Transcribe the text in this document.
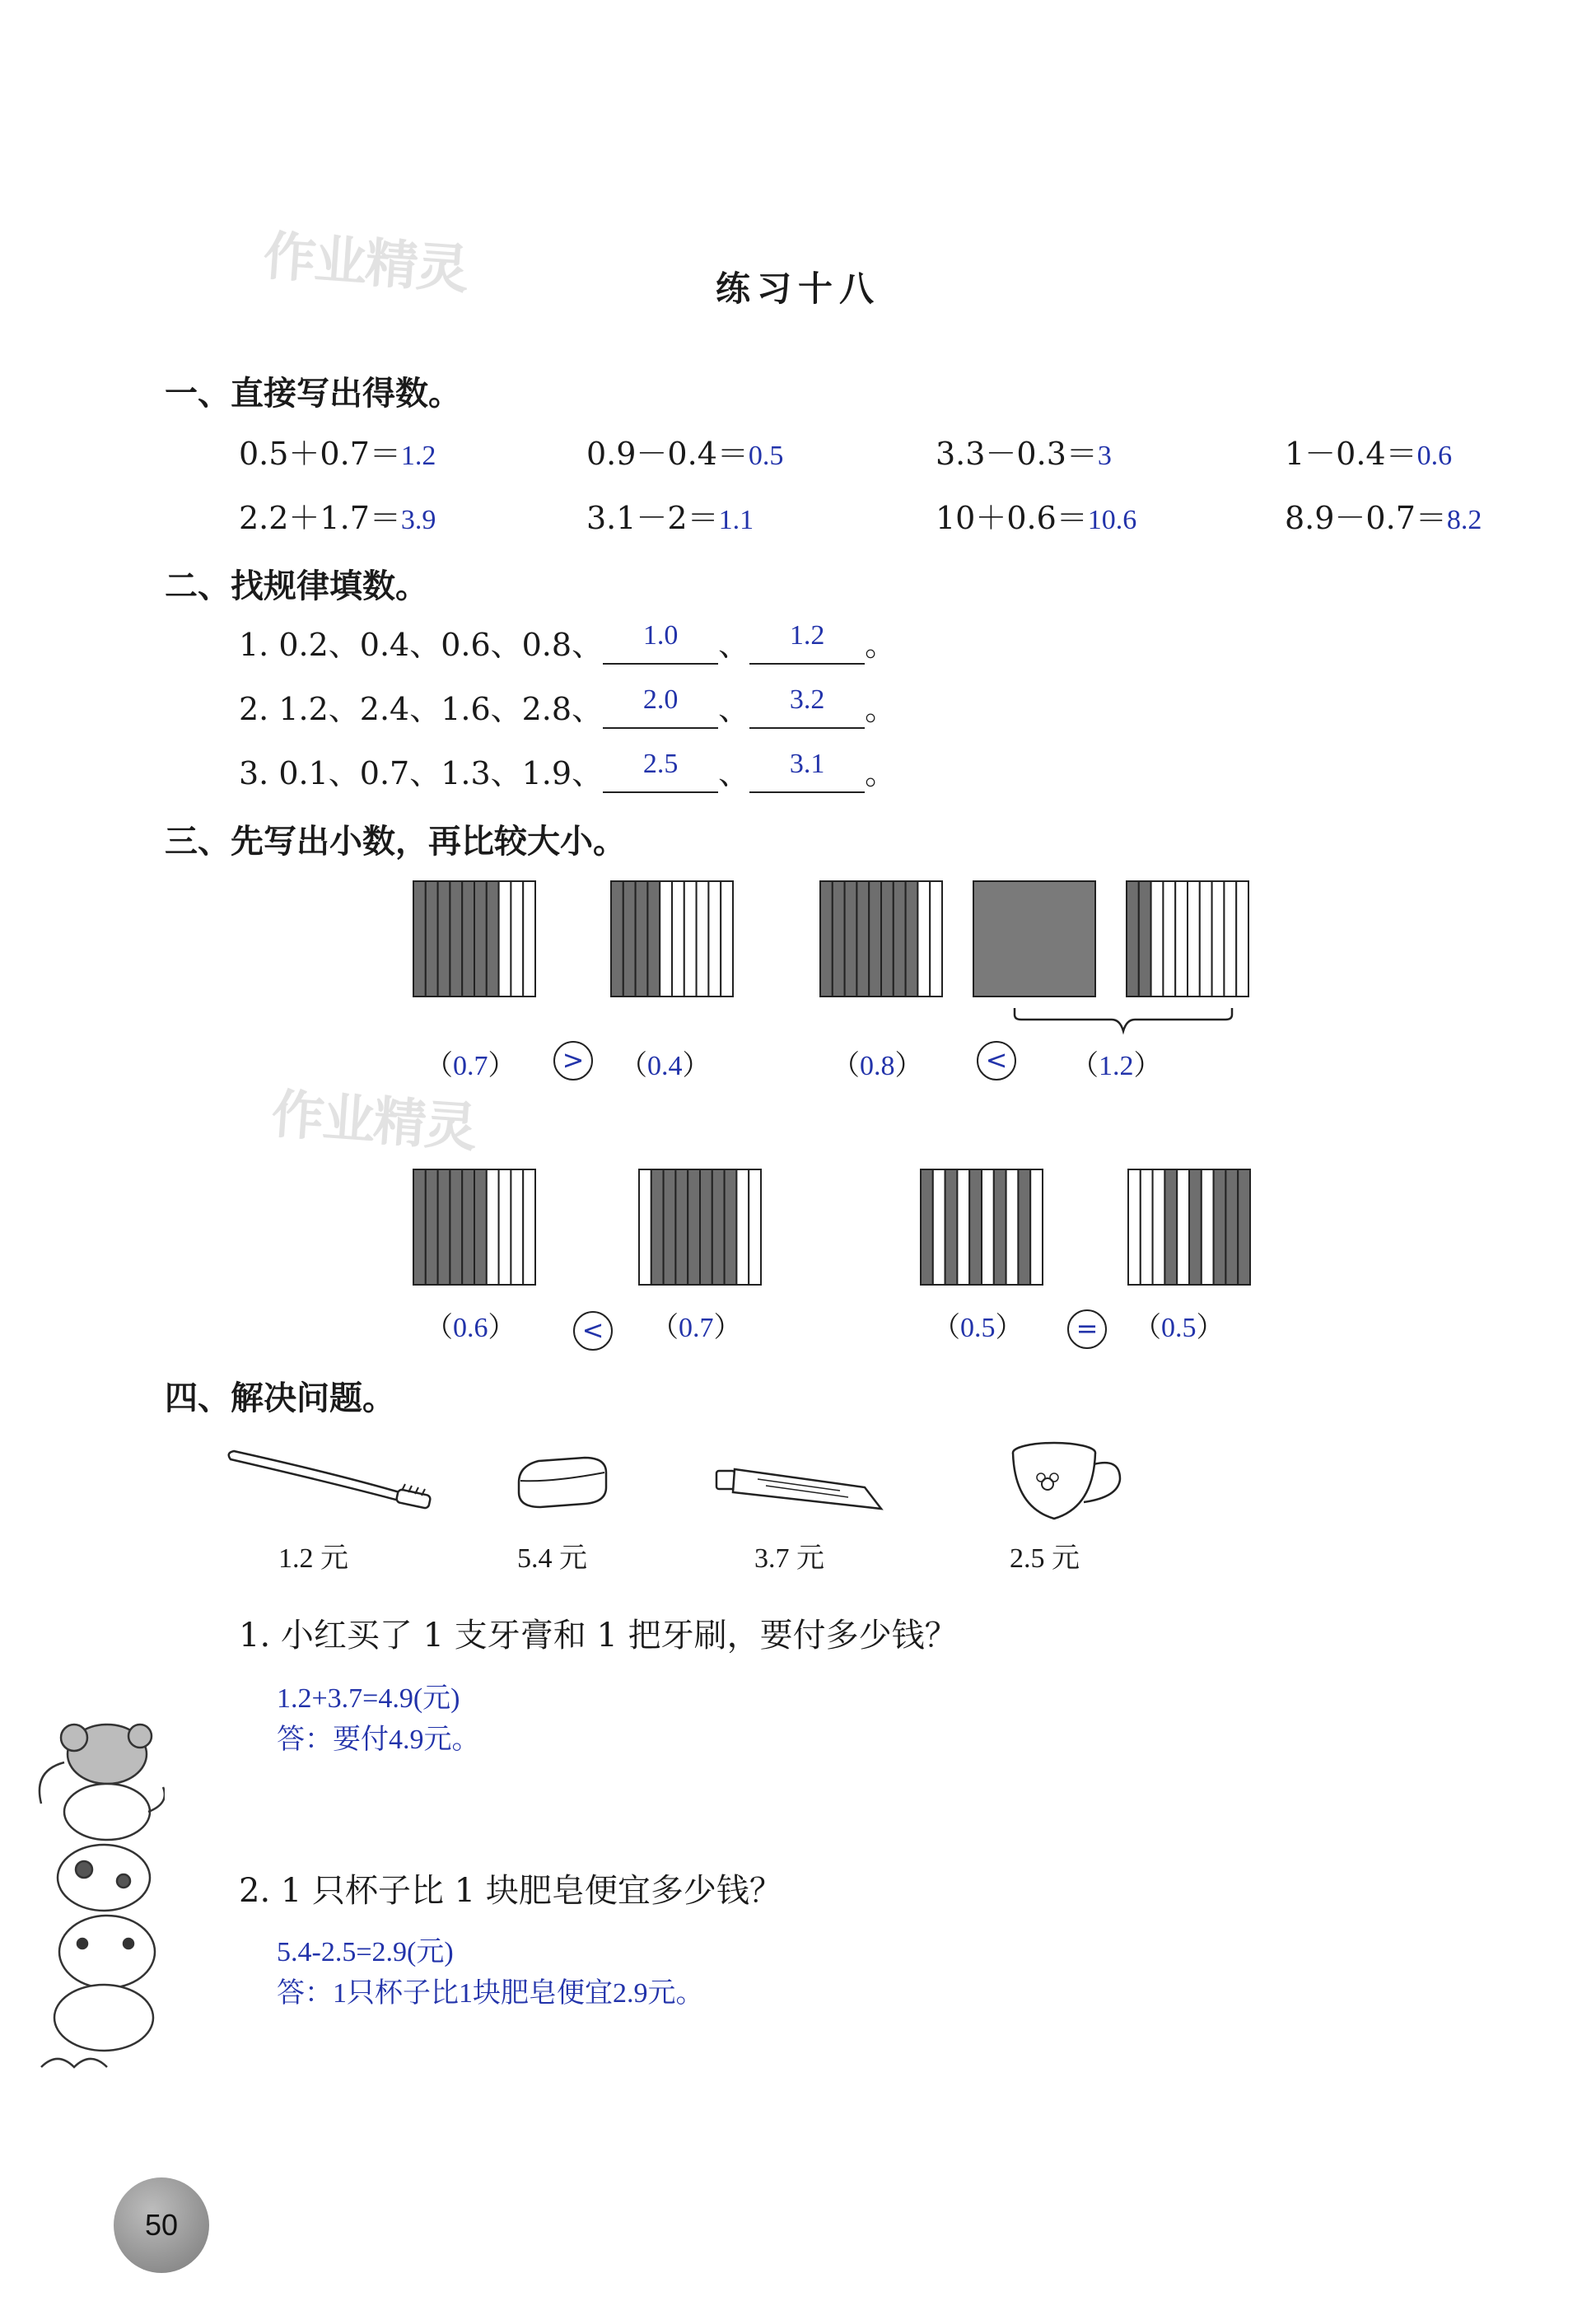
作业精灵
作业精灵
练习十八
一、直接写出得数。
0.5＋0.7＝1.2	0.9－0.4＝0.5	3.3－0.3＝3	1－0.4＝0.6
2.2＋1.7＝3.9	3.1－2＝1.1	10＋0.6＝10.6	8.9－0.7＝8.2
二、找规律填数。
1. 0.2、0.4、0.6、0.8、	1.0	、	1.2	。
2. 1.2、2.4、1.6、2.8、	2.0	、	3.2	。
3. 0.1、0.7、1.3、1.9、	2.5	、	3.1	。
三、先写出小数，再比较大小。
（0.7）	>	（0.4）	（0.8）	<	（1.2）
（0.6）	<	（0.7）	（0.5）	=	（0.5）
四、解决问题。
1.2 元	5.4 元	3.7 元	2.5 元
1. 小红买了 1 支牙膏和 1 把牙刷，要付多少钱？
1.2+3.7=4.9(元)
答：要付4.9元。
2. 1 只杯子比 1 块肥皂便宜多少钱？
5.4-2.5=2.9(元)
答：1只杯子比1块肥皂便宜2.9元。
50
